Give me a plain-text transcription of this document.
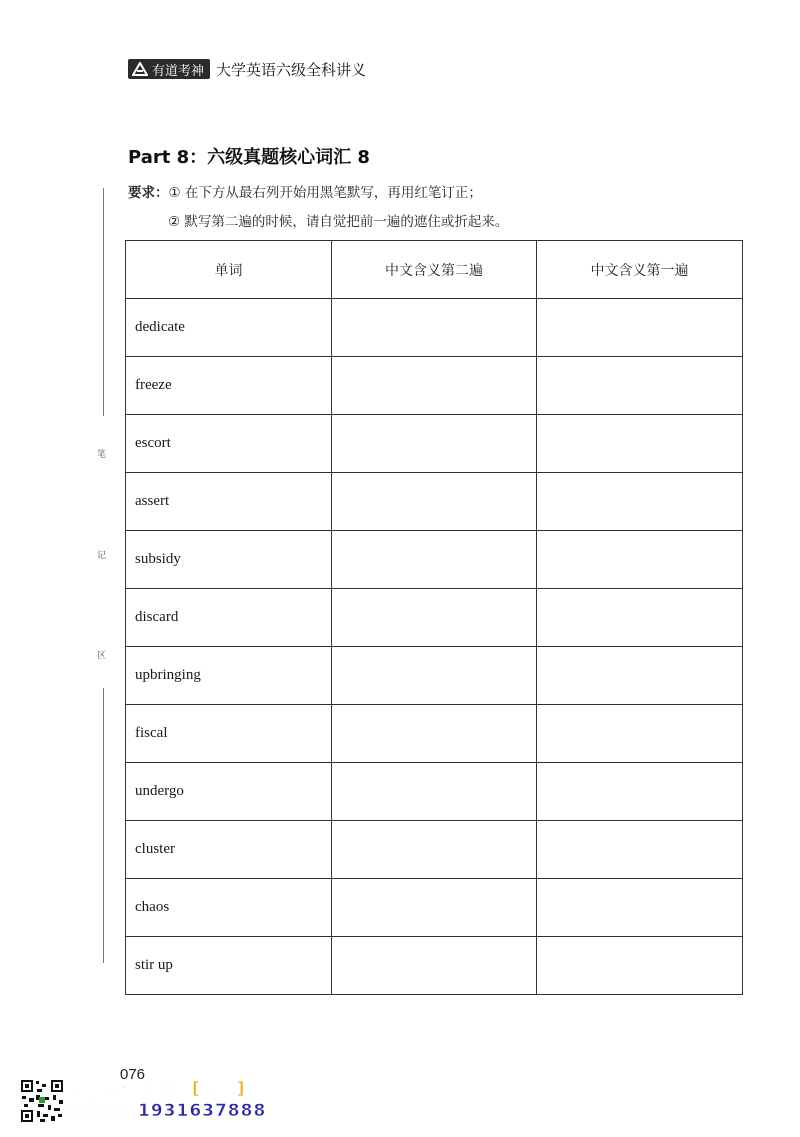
有道考神 大学英语六级全科讲义
Part 8：六级真题核心词汇 8
要求：① 在下方从最右列开始用黑笔默写，再用红笔订正；
② 默写第二遍的时候，请自觉把前一遍的遮住或折起来。
笔
记
区
单词	中文含义第二遍	中文含义第一遍
dedicate		
freeze		
escort		
assert		
subsidy		
discard		
upbringing		
fiscal		
undergo		
cluster		
chaos		
stir up		
076
配套课程公众号[研大]
联系微信1931637888
